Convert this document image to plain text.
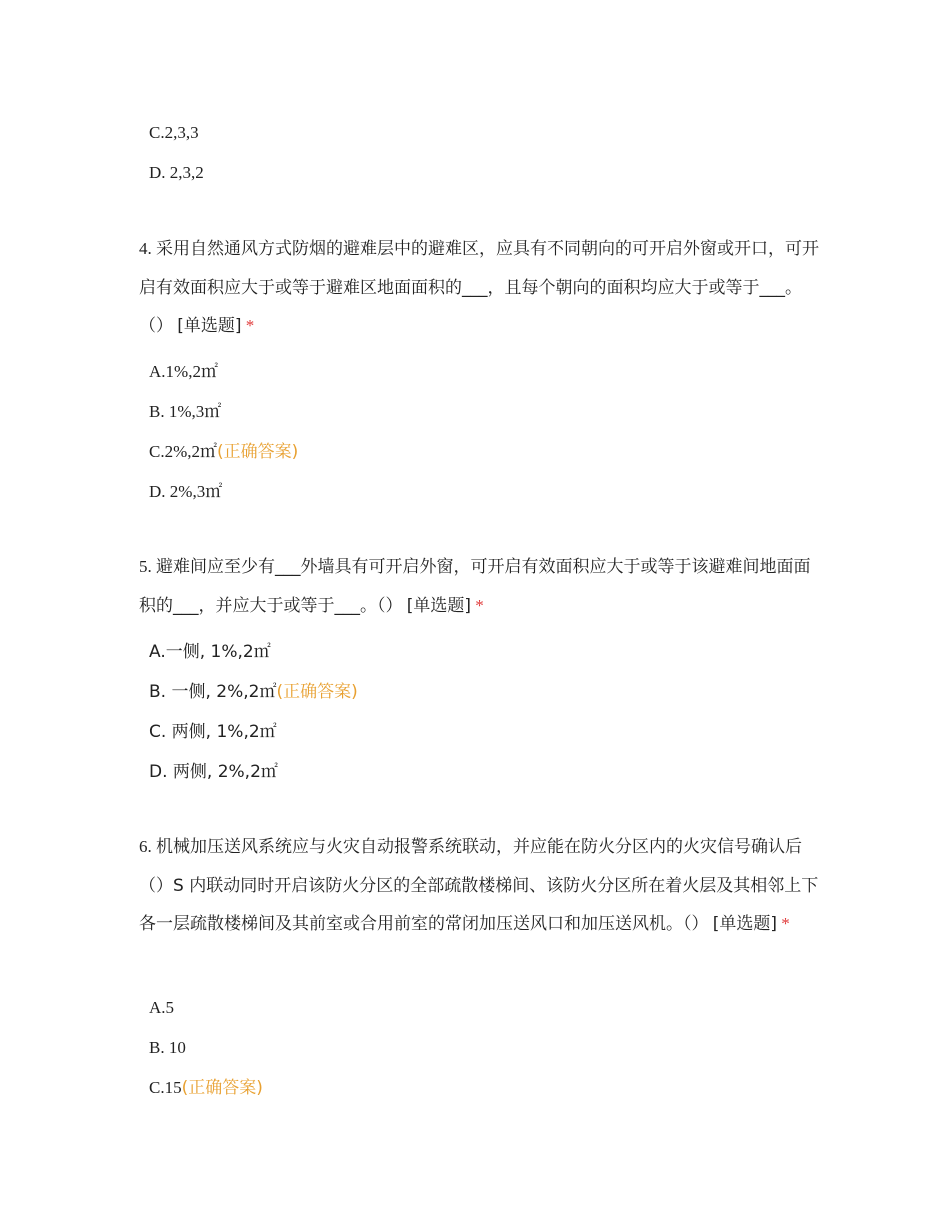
C.2,3,3
D. 2,3,2
4. 采用自然通风方式防烟的避难层中的避难区，应具有不同朝向的可开启外窗或开口，可开启有效面积应大于或等于避难区地面面积的___，且每个朝向的面积均应大于或等于___。（） [单选题] *
A.1%,2㎡
B. 1%,3㎡
C.2%,2㎡(正确答案)
D. 2%,3㎡
5. 避难间应至少有___外墙具有可开启外窗，可开启有效面积应大于或等于该避难间地面面积的___，并应大于或等于___。（） [单选题] *
A.一侧, 1%,2㎡
B. 一侧, 2%,2㎡(正确答案)
C. 两侧, 1%,2㎡
D. 两侧, 2%,2㎡
6. 机械加压送风系统应与火灾自动报警系统联动，并应能在防火分区内的火灾信号确认后（）S 内联动同时开启该防火分区的全部疏散楼梯间、该防火分区所在着火层及其相邻上下各一层疏散楼梯间及其前室或合用前室的常闭加压送风口和加压送风机。（） [单选题] *
A.5
B. 10
C.15(正确答案)
